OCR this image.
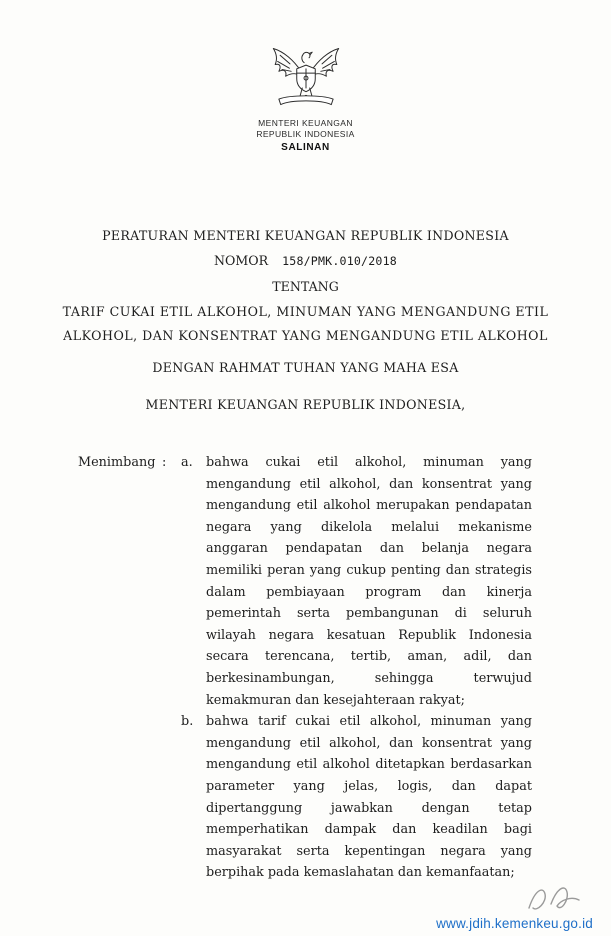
MENTERI KEUANGAN
REPUBLIK INDONESIA
SALINAN
PERATURAN MENTERI KEUANGAN REPUBLIK INDONESIA
NOMOR 158/PMK.010/2018
TENTANG
TARIF CUKAI ETIL ALKOHOL, MINUMAN YANG MENGANDUNG ETIL ALKOHOL, DAN KONSENTRAT YANG MENGANDUNG ETIL ALKOHOL
DENGAN RAHMAT TUHAN YANG MAHA ESA
MENTERI KEUANGAN REPUBLIK INDONESIA,
Menimbang :	a.	bahwa cukai etil alkohol, minuman yang mengandung etil alkohol, dan konsentrat yang mengandung etil alkohol merupakan pendapatan negara yang dikelola melalui mekanisme anggaran pendapatan dan belanja negara memiliki peran yang cukup penting dan strategis dalam pembiayaan program dan kinerja pemerintah serta pembangunan di seluruh wilayah negara kesatuan Republik Indonesia secara terencana, tertib, aman, adil, dan berkesinambungan, sehingga terwujud kemakmuran dan kesejahteraan rakyat;
b. bahwa tarif cukai etil alkohol, minuman yang mengandung etil alkohol, dan konsentrat yang mengandung etil alkohol ditetapkan berdasarkan parameter yang jelas, logis, dan dapat dipertanggung jawabkan dengan tetap memperhatikan dampak dan keadilan bagi masyarakat serta kepentingan negara yang berpihak pada kemaslahatan dan kemanfaatan;
www.jdih.kemenkeu.go.id
